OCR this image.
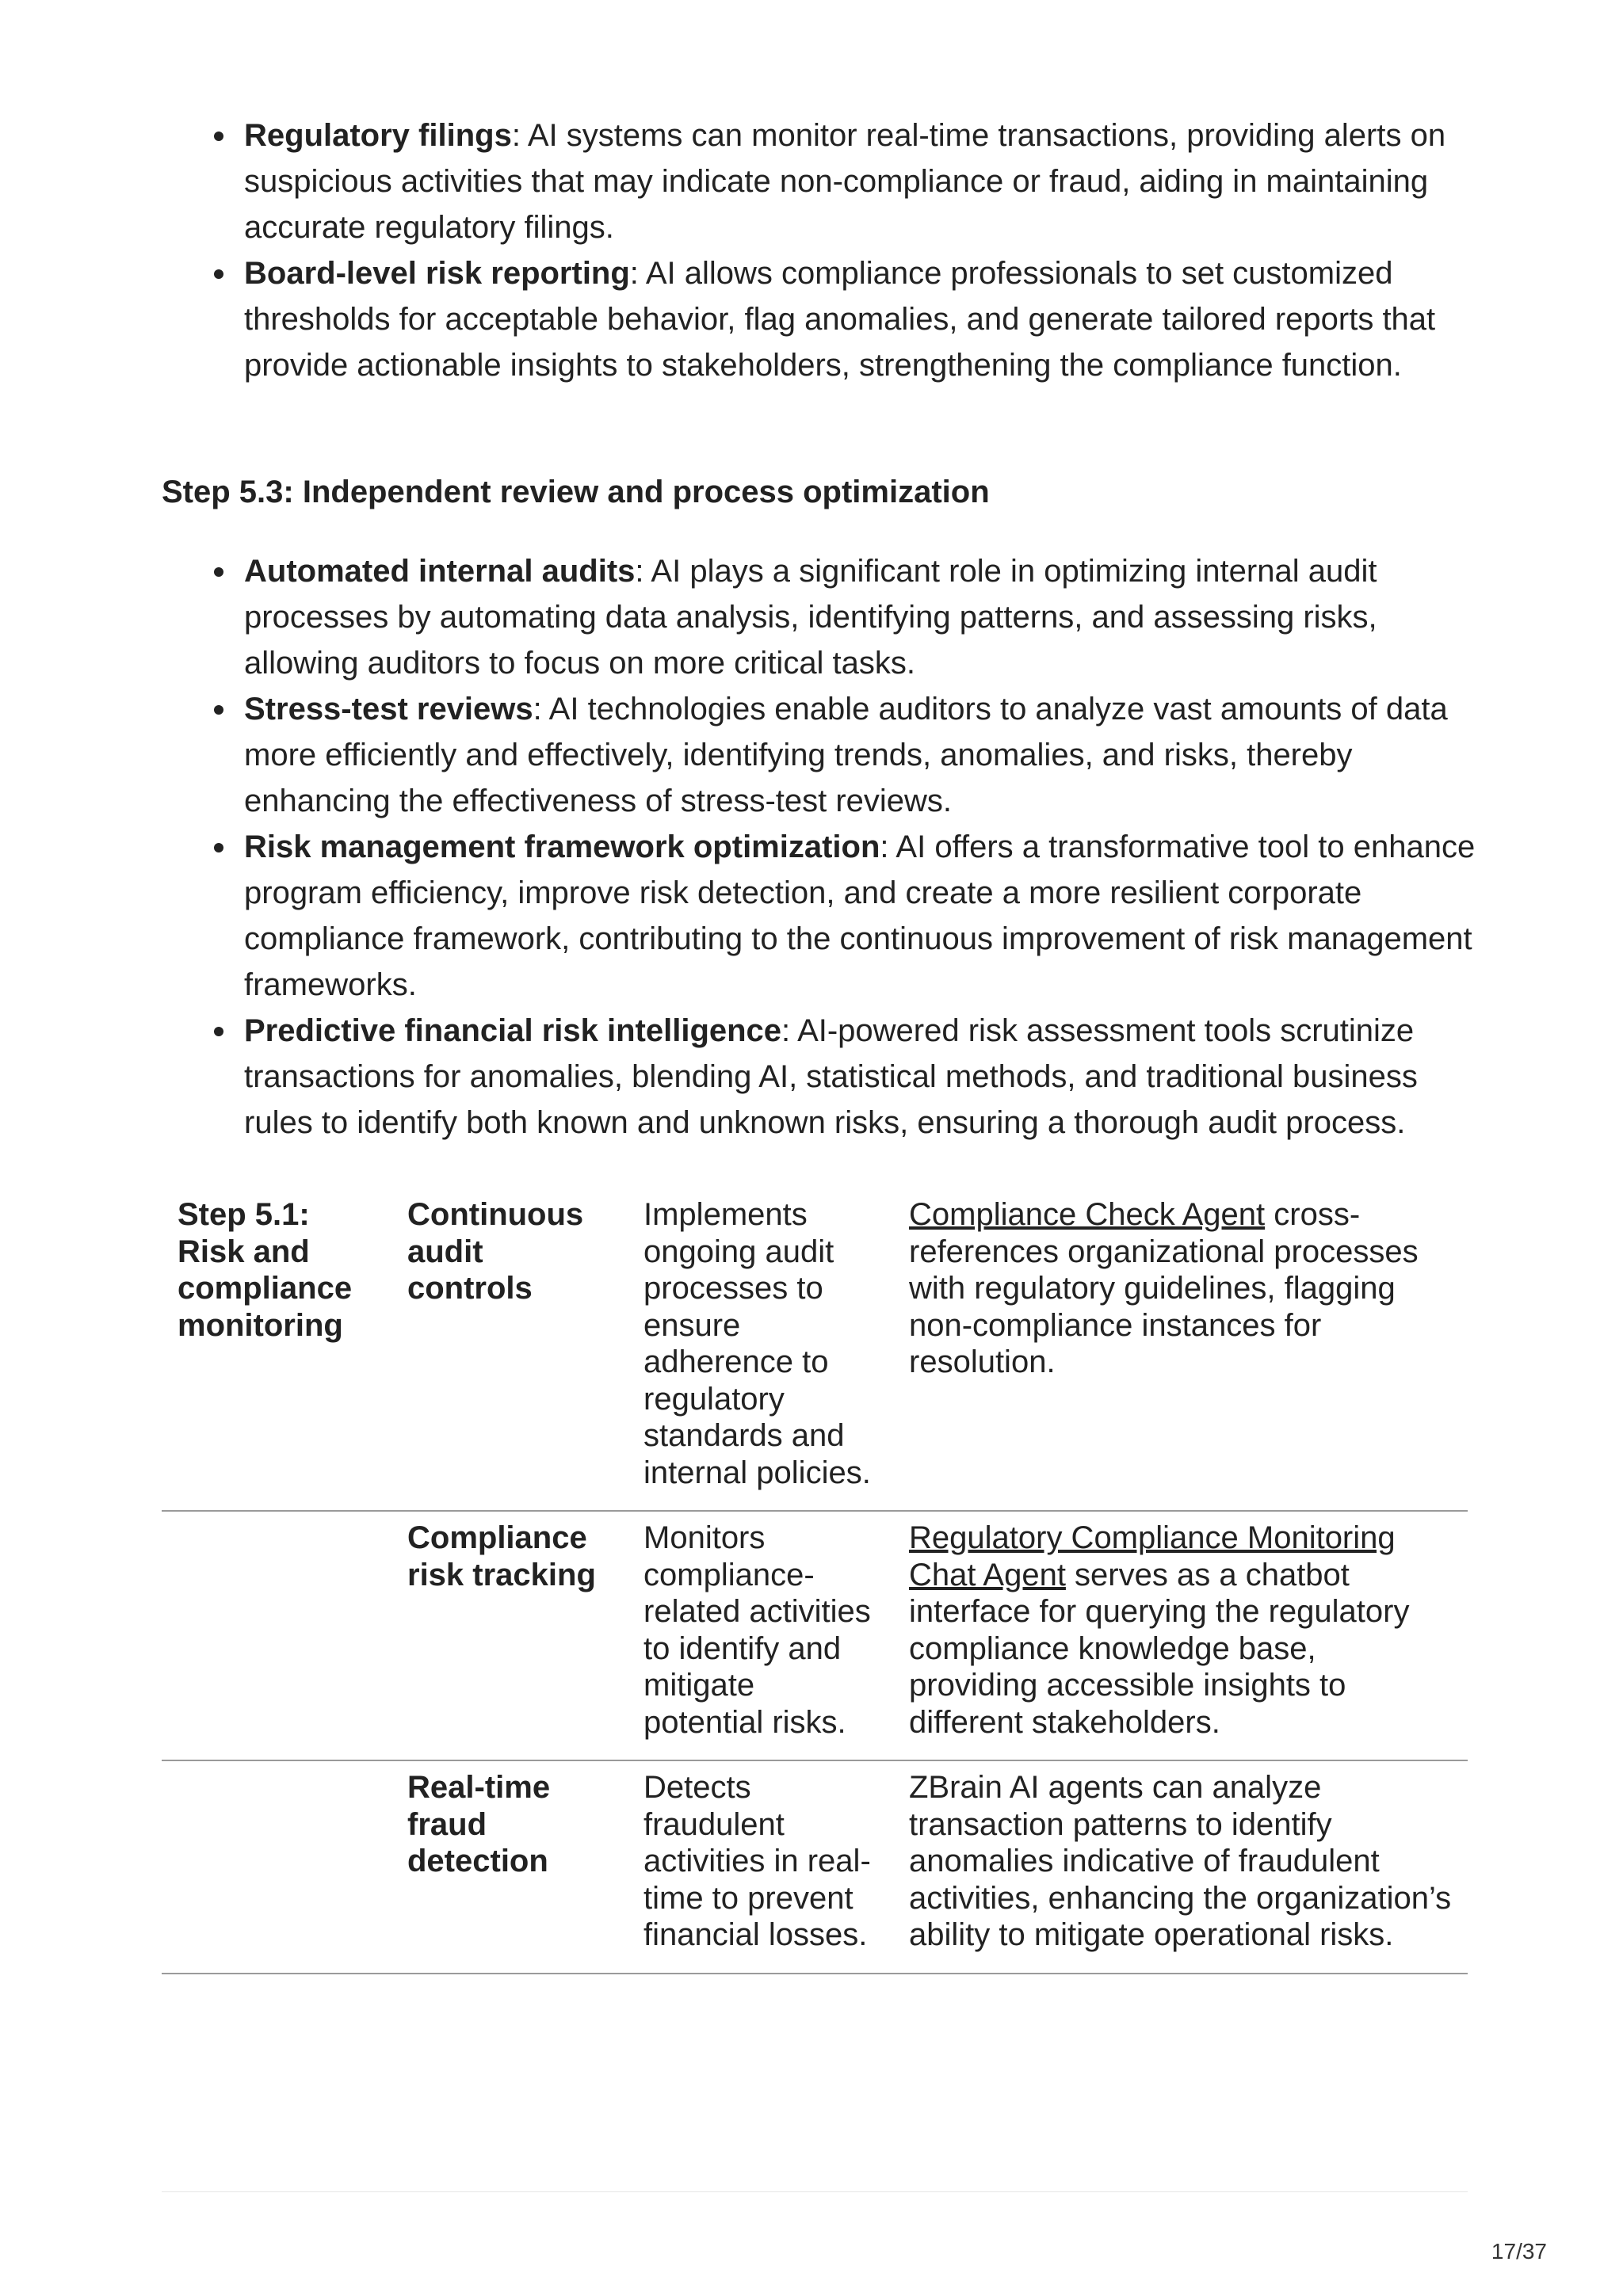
Regulatory filings: AI systems can monitor real-time transactions, providing alerts on suspicious activities that may indicate non-compliance or fraud, aiding in maintaining accurate regulatory filings.
Board-level risk reporting: AI allows compliance professionals to set customized thresholds for acceptable behavior, flag anomalies, and generate tailored reports that provide actionable insights to stakeholders, strengthening the compliance function.

Step 5.3: Independent review and process optimization

Automated internal audits: AI plays a significant role in optimizing internal audit processes by automating data analysis, identifying patterns, and assessing risks, allowing auditors to focus on more critical tasks.
Stress-test reviews: AI technologies enable auditors to analyze vast amounts of data more efficiently and effectively, identifying trends, anomalies, and risks, thereby enhancing the effectiveness of stress-test reviews.
Risk management framework optimization: AI offers a transformative tool to enhance program efficiency, improve risk detection, and create a more resilient corporate compliance framework, contributing to the continuous improvement of risk management frameworks.
Predictive financial risk intelligence: AI-powered risk assessment tools scrutinize transactions for anomalies, blending AI, statistical methods, and traditional business rules to identify both known and unknown risks, ensuring a thorough audit process.
Step 5.1: Risk and compliance monitoring	Continuous audit controls	Implements ongoing audit processes to ensure adherence to regulatory standards and internal policies.	Compliance Check Agent cross-references organizational processes with regulatory guidelines, flagging non-compliance instances for resolution.
	Compliance risk tracking	Monitors compliance-related activities to identify and mitigate potential risks.	Regulatory Compliance Monitoring Chat Agent serves as a chatbot interface for querying the regulatory compliance knowledge base, providing accessible insights to different stakeholders.
	Real-time fraud detection	Detects fraudulent activities in real-time to prevent financial losses.	ZBrain AI agents can analyze transaction patterns to identify anomalies indicative of fraudulent activities, enhancing the organization’s ability to mitigate operational risks.
17/37
